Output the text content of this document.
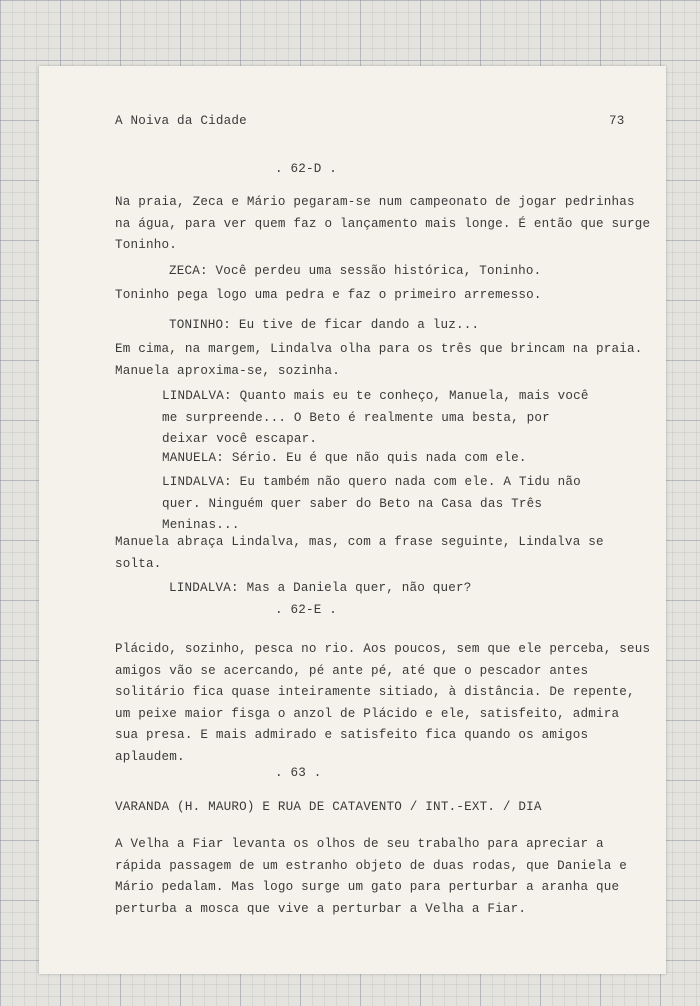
A Noiva da Cidade	73
. 62-D .
Na praia, Zeca e Mário pegaram-se num campeonato de jogar pedrinhas
na água, para ver quem faz o lançamento mais longe. É então que surge
Toninho.
ZECA: Você perdeu uma sessão histórica, Toninho.
Toninho pega logo uma pedra e faz o primeiro arremesso.
TONINHO: Eu tive de ficar dando a luz...
Em cima, na margem, Lindalva olha para os três que brincam na praia.
Manuela aproxima-se, sozinha.
LINDALVA: Quanto mais eu te conheço, Manuela, mais você
me surpreende... O Beto é realmente uma besta, por
deixar você escapar.
MANUELA: Sério. Eu é que não quis nada com ele.
LINDALVA: Eu também não quero nada com ele. A Tidu não
quer. Ninguém quer saber do Beto na Casa das Três
Meninas...
Manuela abraça Lindalva, mas, com a frase seguinte, Lindalva se
solta.
LINDALVA: Mas a Daniela quer, não quer?
. 62-E .
Plácido, sozinho, pesca no rio. Aos poucos, sem que ele perceba, seus
amigos vão se acercando, pé ante pé, até que o pescador antes
solitário fica quase inteiramente sitiado, à distância. De repente,
um peixe maior fisga o anzol de Plácido e ele, satisfeito, admira
sua presa. E mais admirado e satisfeito fica quando os amigos
aplaudem.
. 63 .
VARANDA (H. MAURO) E RUA DE CATAVENTO / INT.-EXT. / DIA
A Velha a Fiar levanta os olhos de seu trabalho para apreciar a
rápida passagem de um estranho objeto de duas rodas, que Daniela e
Mário pedalam. Mas logo surge um gato para perturbar a aranha que
perturba a mosca que vive a perturbar a Velha a Fiar.
